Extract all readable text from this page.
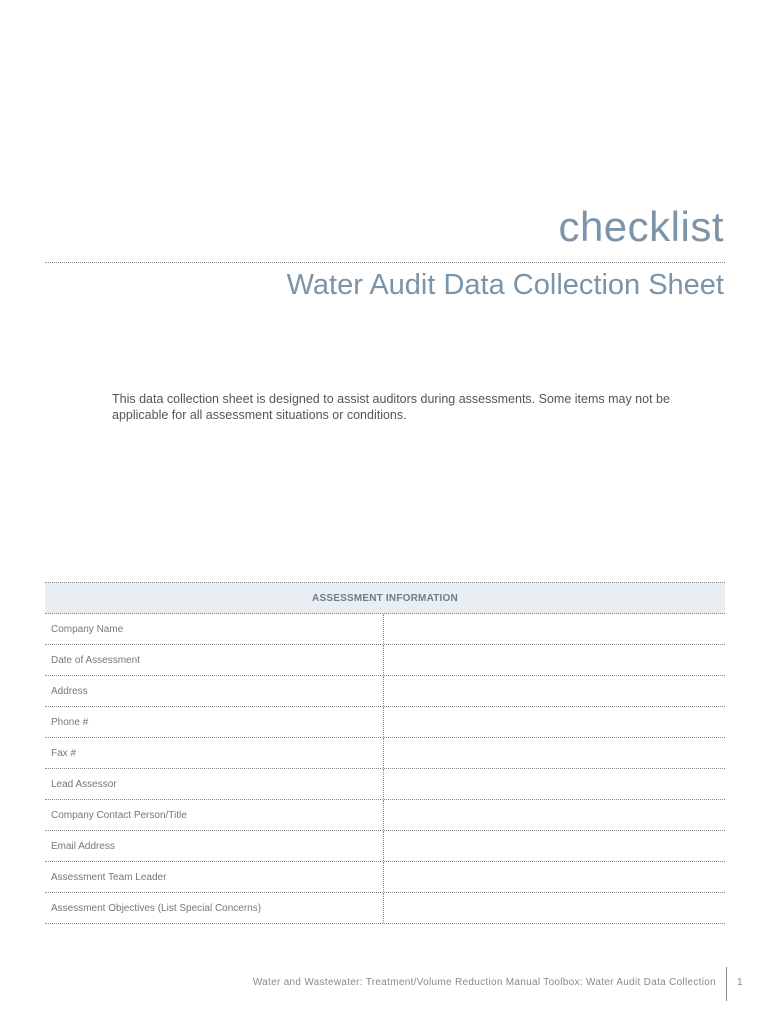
checklist
Water Audit Data Collection Sheet
This data collection sheet is designed to assist auditors during assessments. Some items may not be applicable for all assessment situations or conditions.
ASSESSMENT INFORMATION
Company Name
Date of Assessment
Address
Phone #
Fax #
Lead Assessor
Company Contact Person/Title
Email Address
Assessment Team Leader
Assessment Objectives (List Special Concerns)
Water and Wastewater: Treatment/Volume Reduction Manual Toolbox: Water Audit Data Collection 1
